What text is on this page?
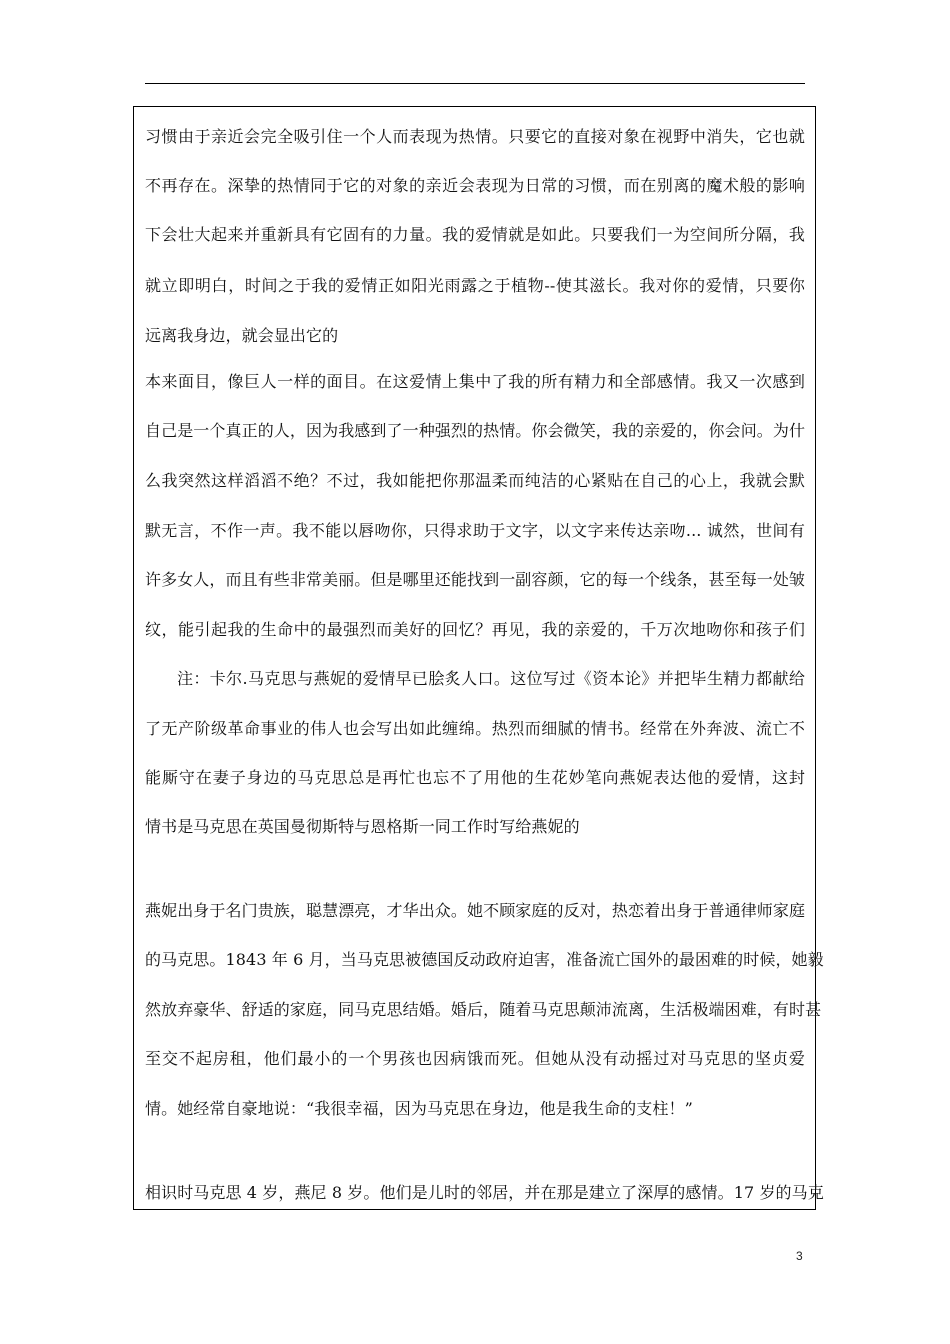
习惯由于亲近会完全吸引住一个人而表现为热情。只要它的直接对象在视野中消失，它也就
不再存在。深挚的热情同于它的对象的亲近会表现为日常的习惯，而在别离的魔术般的影响
下会壮大起来并重新具有它固有的力量。我的爱情就是如此。只要我们一为空间所分隔，我
就立即明白，时间之于我的爱情正如阳光雨露之于植物--使其滋长。我对你的爱情，只要你
远离我身边，就会显出它的
本来面目，像巨人一样的面目。在这爱情上集中了我的所有精力和全部感情。我又一次感到
自己是一个真正的人，因为我感到了一种强烈的热情。你会微笑，我的亲爱的，你会问。为什
么我突然这样滔滔不绝？不过，我如能把你那温柔而纯洁的心紧贴在自己的心上，我就会默
默无言，不作一声。我不能以唇吻你，只得求助于文字，以文字来传达亲吻... 诚然，世间有
许多女人，而且有些非常美丽。但是哪里还能找到一副容颜，它的每一个线条，甚至每一处皱
纹，能引起我的生命中的最强烈而美好的回忆？再见，我的亲爱的，千万次地吻你和孩子们
注：卡尔.马克思与燕妮的爱情早已脍炙人口。这位写过《资本论》并把毕生精力都献给
了无产阶级革命事业的伟人也会写出如此缠绵。热烈而细腻的情书。经常在外奔波、流亡不
能厮守在妻子身边的马克思总是再忙也忘不了用他的生花妙笔向燕妮表达他的爱情，这封
情书是马克思在英国曼彻斯特与恩格斯一同工作时写给燕妮的
燕妮出身于名门贵族，聪慧漂亮，才华出众。她不顾家庭的反对，热恋着出身于普通律师家庭
的马克思。1843 年 6 月，当马克思被德国反动政府迫害，准备流亡国外的最困难的时候，她毅
然放弃豪华、舒适的家庭，同马克思结婚。婚后，随着马克思颠沛流离，生活极端困难，有时甚
至交不起房租，他们最小的一个男孩也因病饿而死。但她从没有动摇过对马克思的坚贞爱
情。她经常自豪地说：“我很幸福，因为马克思在身边，他是我生命的支柱！”
相识时马克思 4 岁，燕尼 8 岁。他们是儿时的邻居，并在那是建立了深厚的感情。17 岁的马克
3
